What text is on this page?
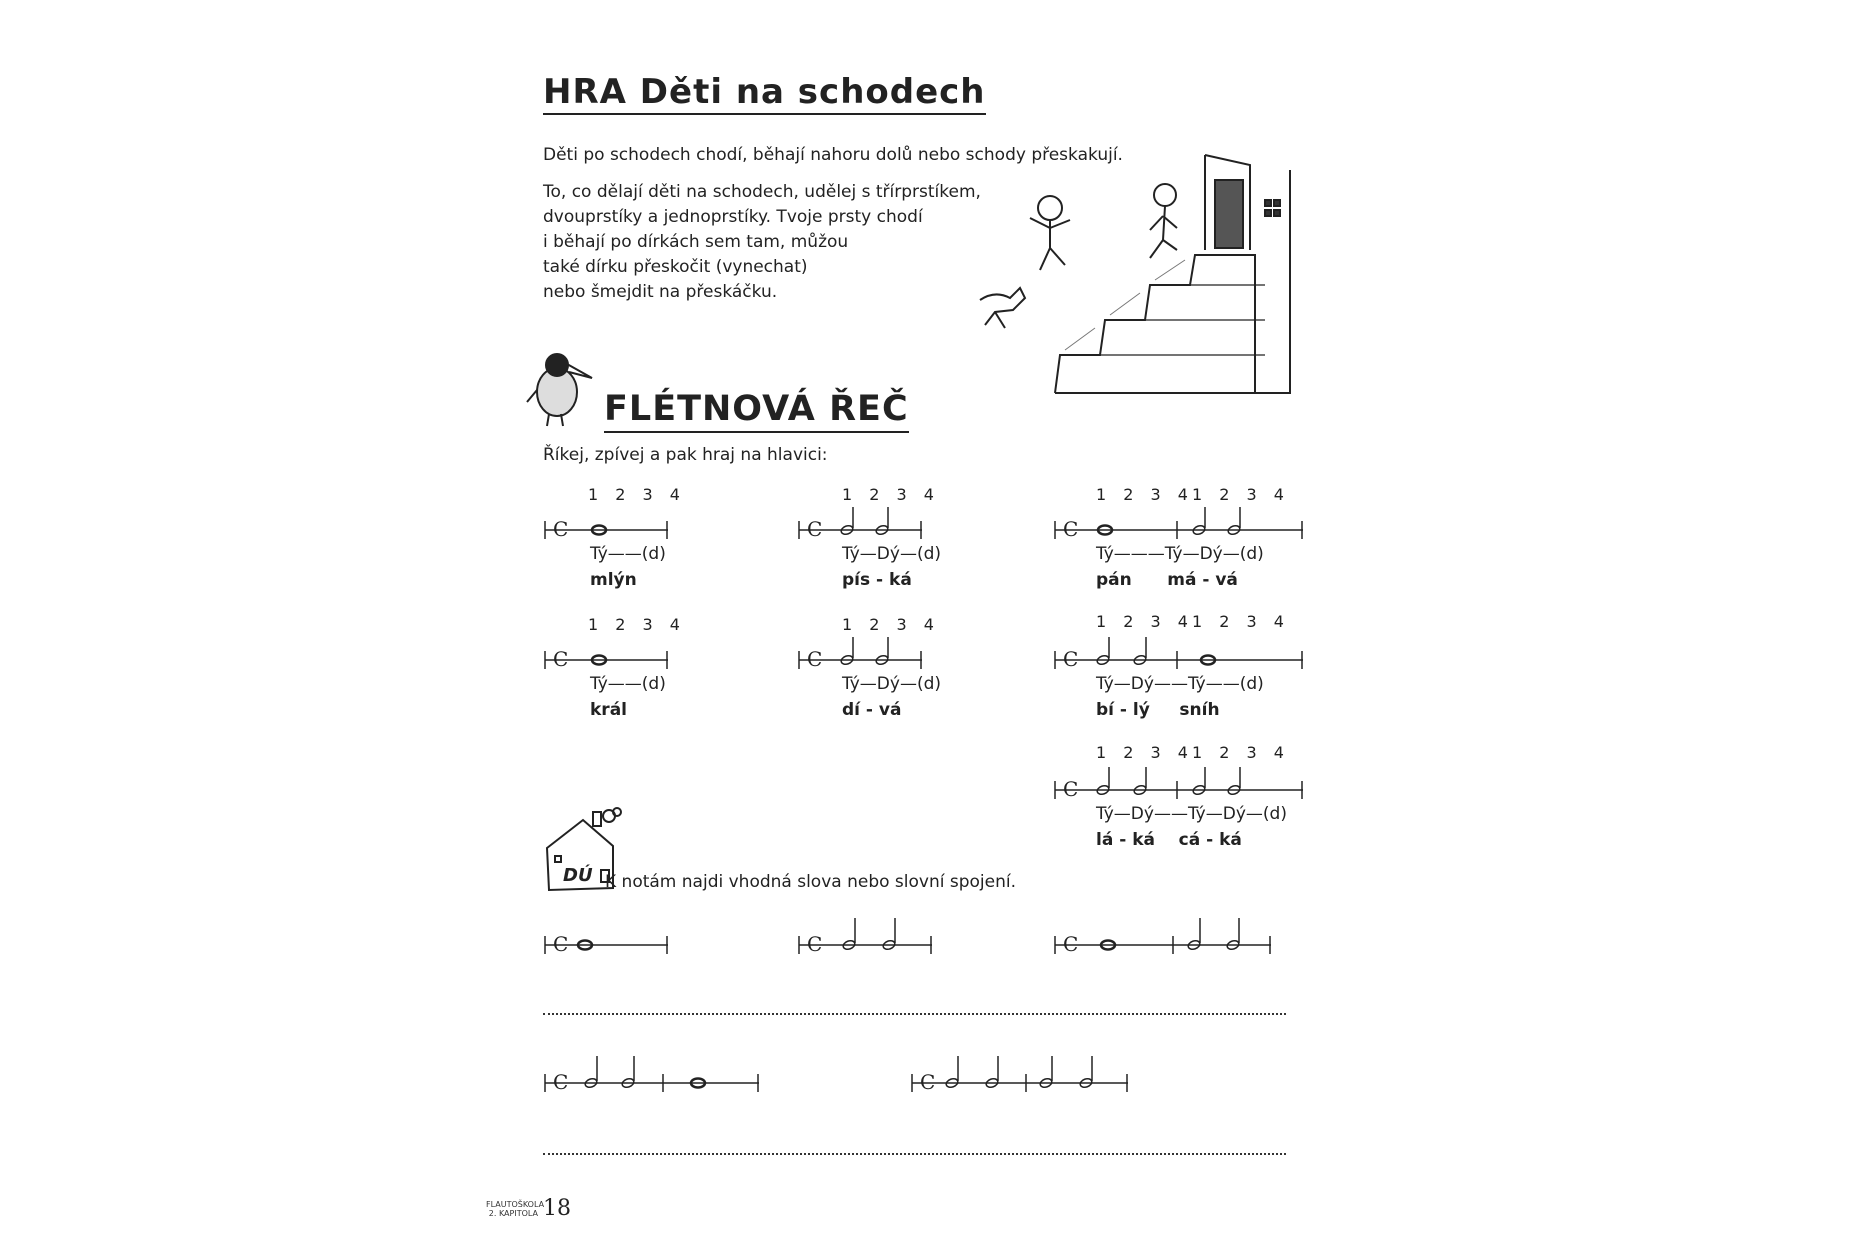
HRA Děti na schodech
Děti po schodech chodí, běhají nahoru dolů nebo schody přeskakují.
To, co dělají děti na schodech, udělej s třírprstíkem,
dvouprstíky a jednoprstíky. Tvoje prsty chodí
i běhají po dírkách sem tam, můžou
také dírku přeskočit (vynechat)
nebo šmejdit na přeskáčku.
FLÉTNOVÁ ŘEČ
Říkej, zpívej a pak hraj na hlavici:
1 2 3 4
C
Tý——(d)
mlýn
1 2 3 4
C
Tý—Dý—(d)
pís - ká
1 2 3 4
1 2 3 4
C
Tý———Tý—Dý—(d)
pán      má - vá
1 2 3 4
C
Tý——(d)
král
1 2 3 4
C
Tý—Dý—(d)
dí - vá
1 2 3 4
1 2 3 4
C
Tý—Dý——Tý——(d)
bí - lý     sníh
1 2 3 4
1 2 3 4
C
Tý—Dý——Tý—Dý—(d)
lá - ká    cá - ká
DÚ K notám najdi vhodná slova nebo slovní spojení.
C	C	C
C	C
FLAUTOŠKOLA
2. KAPITOLA 18
